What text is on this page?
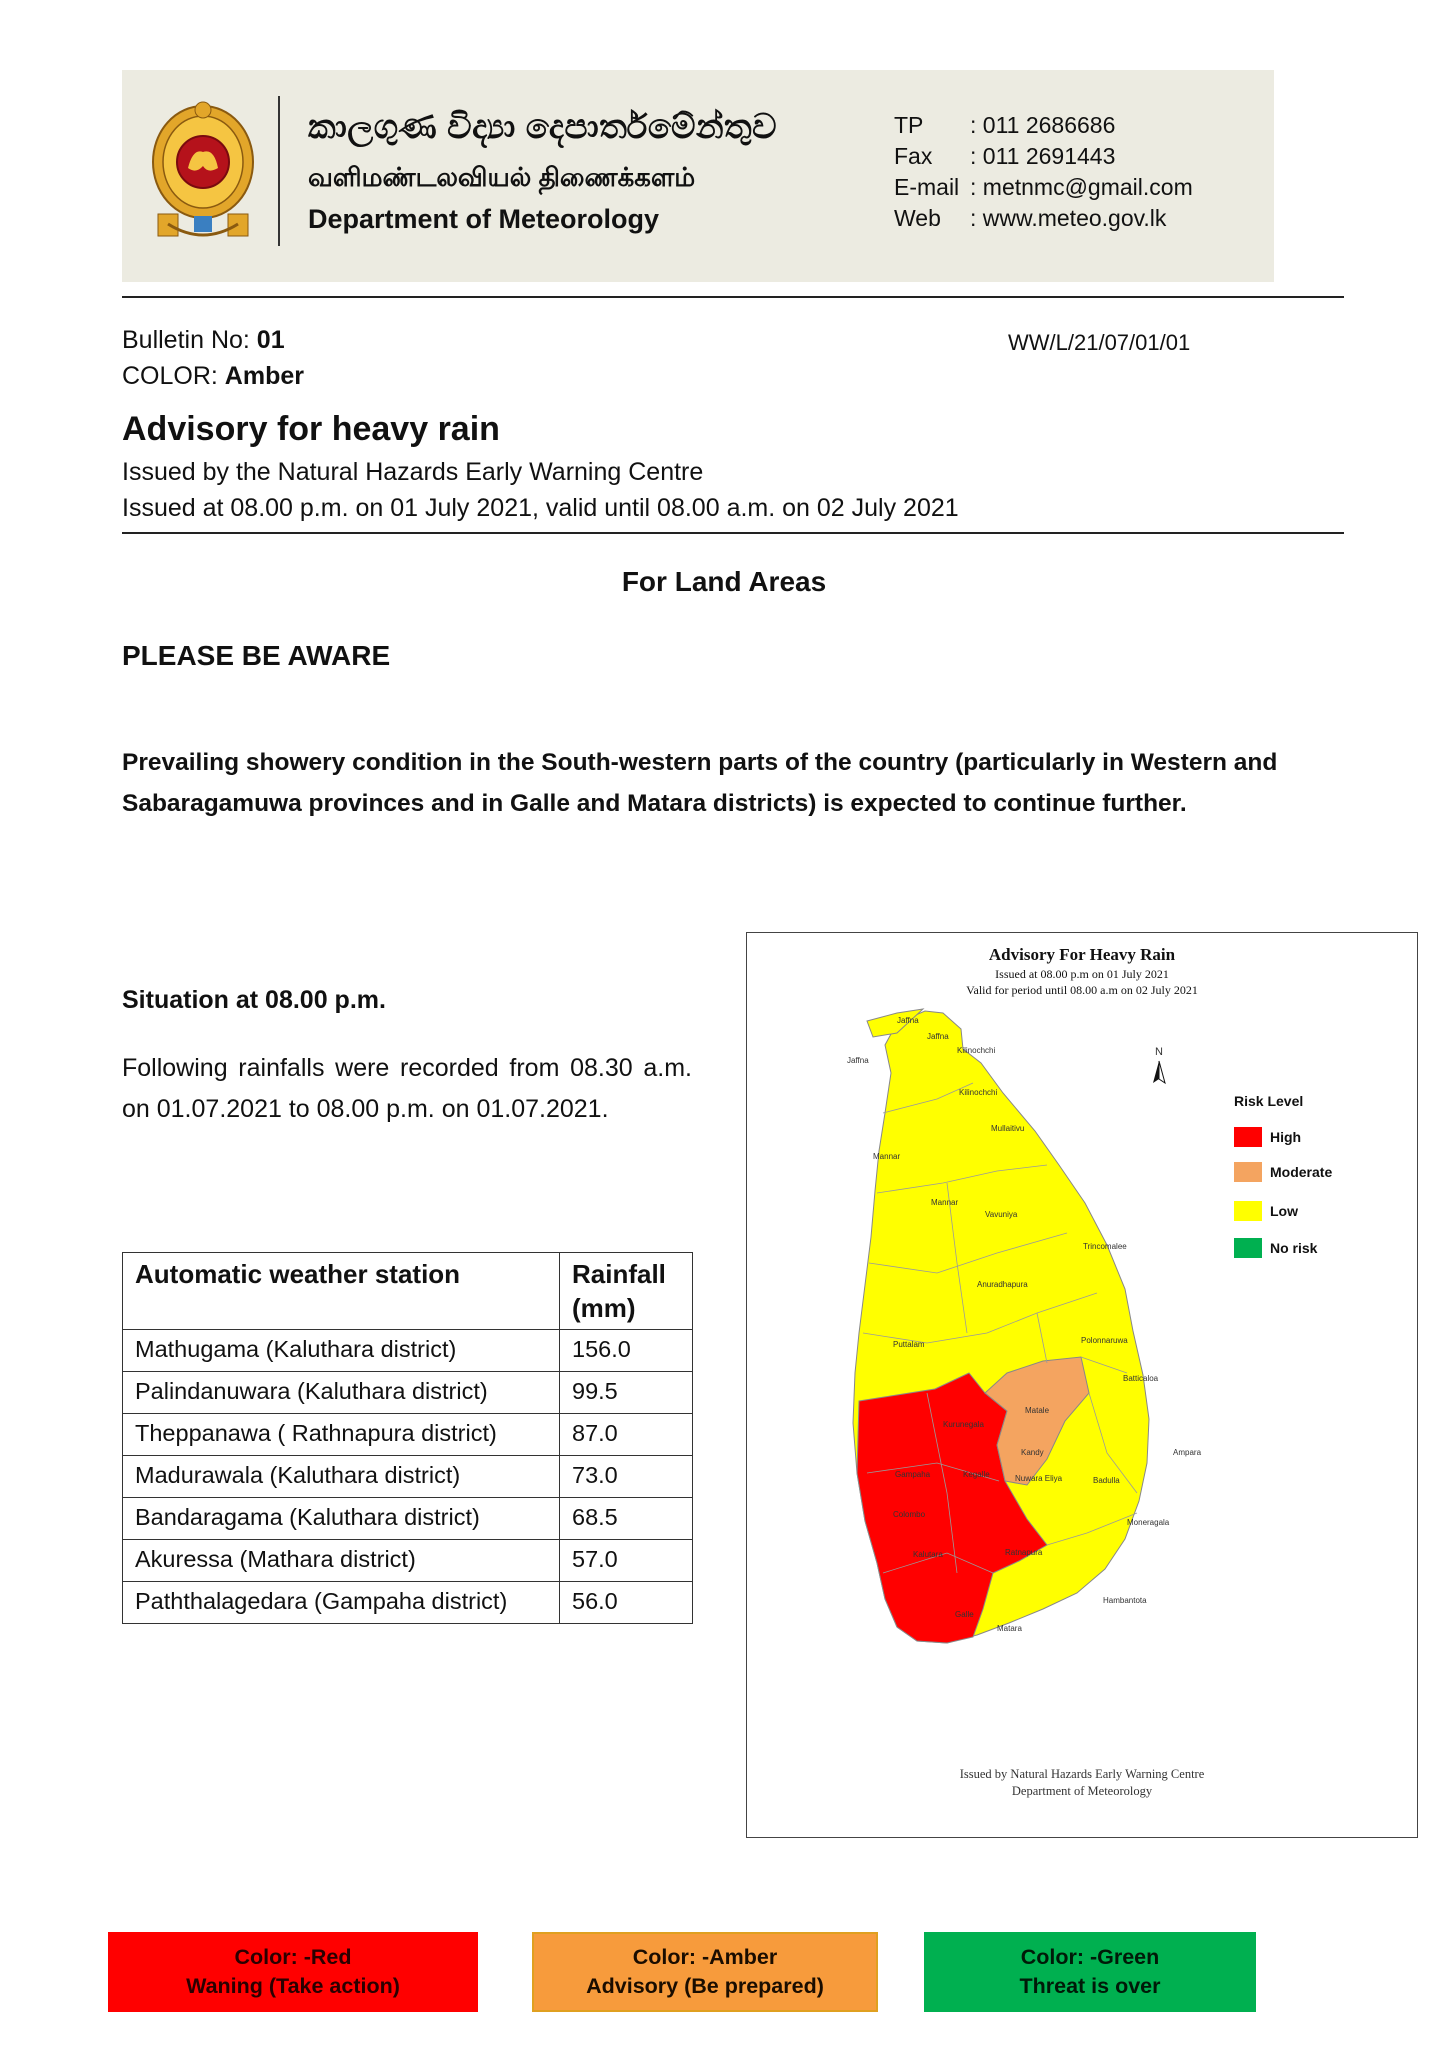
කාලගුණ විද්‍යා දෙපාර්තමේන්තුව
வளிமண்டலவியல் திணைக்களம்
Department of Meteorology
TP	: 011 2686686
Fax	: 011 2691443
E-mail : metnmc@gmail.com
Web	: www.meteo.gov.lk
Bulletin No: 01
COLOR: Amber
WW/L/21/07/01/01
Advisory for heavy rain
Issued by the Natural Hazards Early Warning Centre
Issued at 08.00 p.m. on 01 July 2021, valid until 08.00 a.m. on 02 July 2021
For Land Areas
PLEASE BE AWARE
Prevailing showery condition in the South-western parts of the country (particularly in Western and Sabaragamuwa provinces and in Galle and Matara districts) is expected to continue further.
Situation at 08.00 p.m.
Following rainfalls were recorded from 08.30 a.m. on 01.07.2021 to 08.00 p.m. on 01.07.2021.
Automatic weather station	Rainfall (mm)
Mathugama (Kaluthara district)	156.0
Palindanuwara (Kaluthara district)	99.5
Theppanawa ( Rathnapura district)	87.0
Madurawala (Kaluthara district)	73.0
Bandaragama (Kaluthara district)	68.5
Akuressa (Mathara district)	57.0
Paththalagedara (Gampaha district)	56.0
Advisory For Heavy Rain
Issued at 08.00 p.m on 01 July 2021
Valid for period until 08.00 a.m on 02 July 2021
Jaffna
Jaffna
Kilinochchi
Jaffna
Kilinochchi
Mullaitivu
Mannar
Mannar
Vavuniya
Trincomalee
Anuradhapura
Puttalam	Polonnaruwa
Batticaloa
Kurunegala
Matale
Kandy	Ampara
Gampaha	Kegalle	Nuwara Eliya	Badulla
Colombo
Moneragala
Kalutara	Ratnapura
Hambantota
Galle
Matara
N
Risk Level
High
Moderate
Low
No risk
Issued by Natural Hazards Early Warning Centre
Department of Meteorology
Color: -Red
Waning (Take action)
Color: -Amber
Advisory (Be prepared)
Color: -Green
Threat is over
